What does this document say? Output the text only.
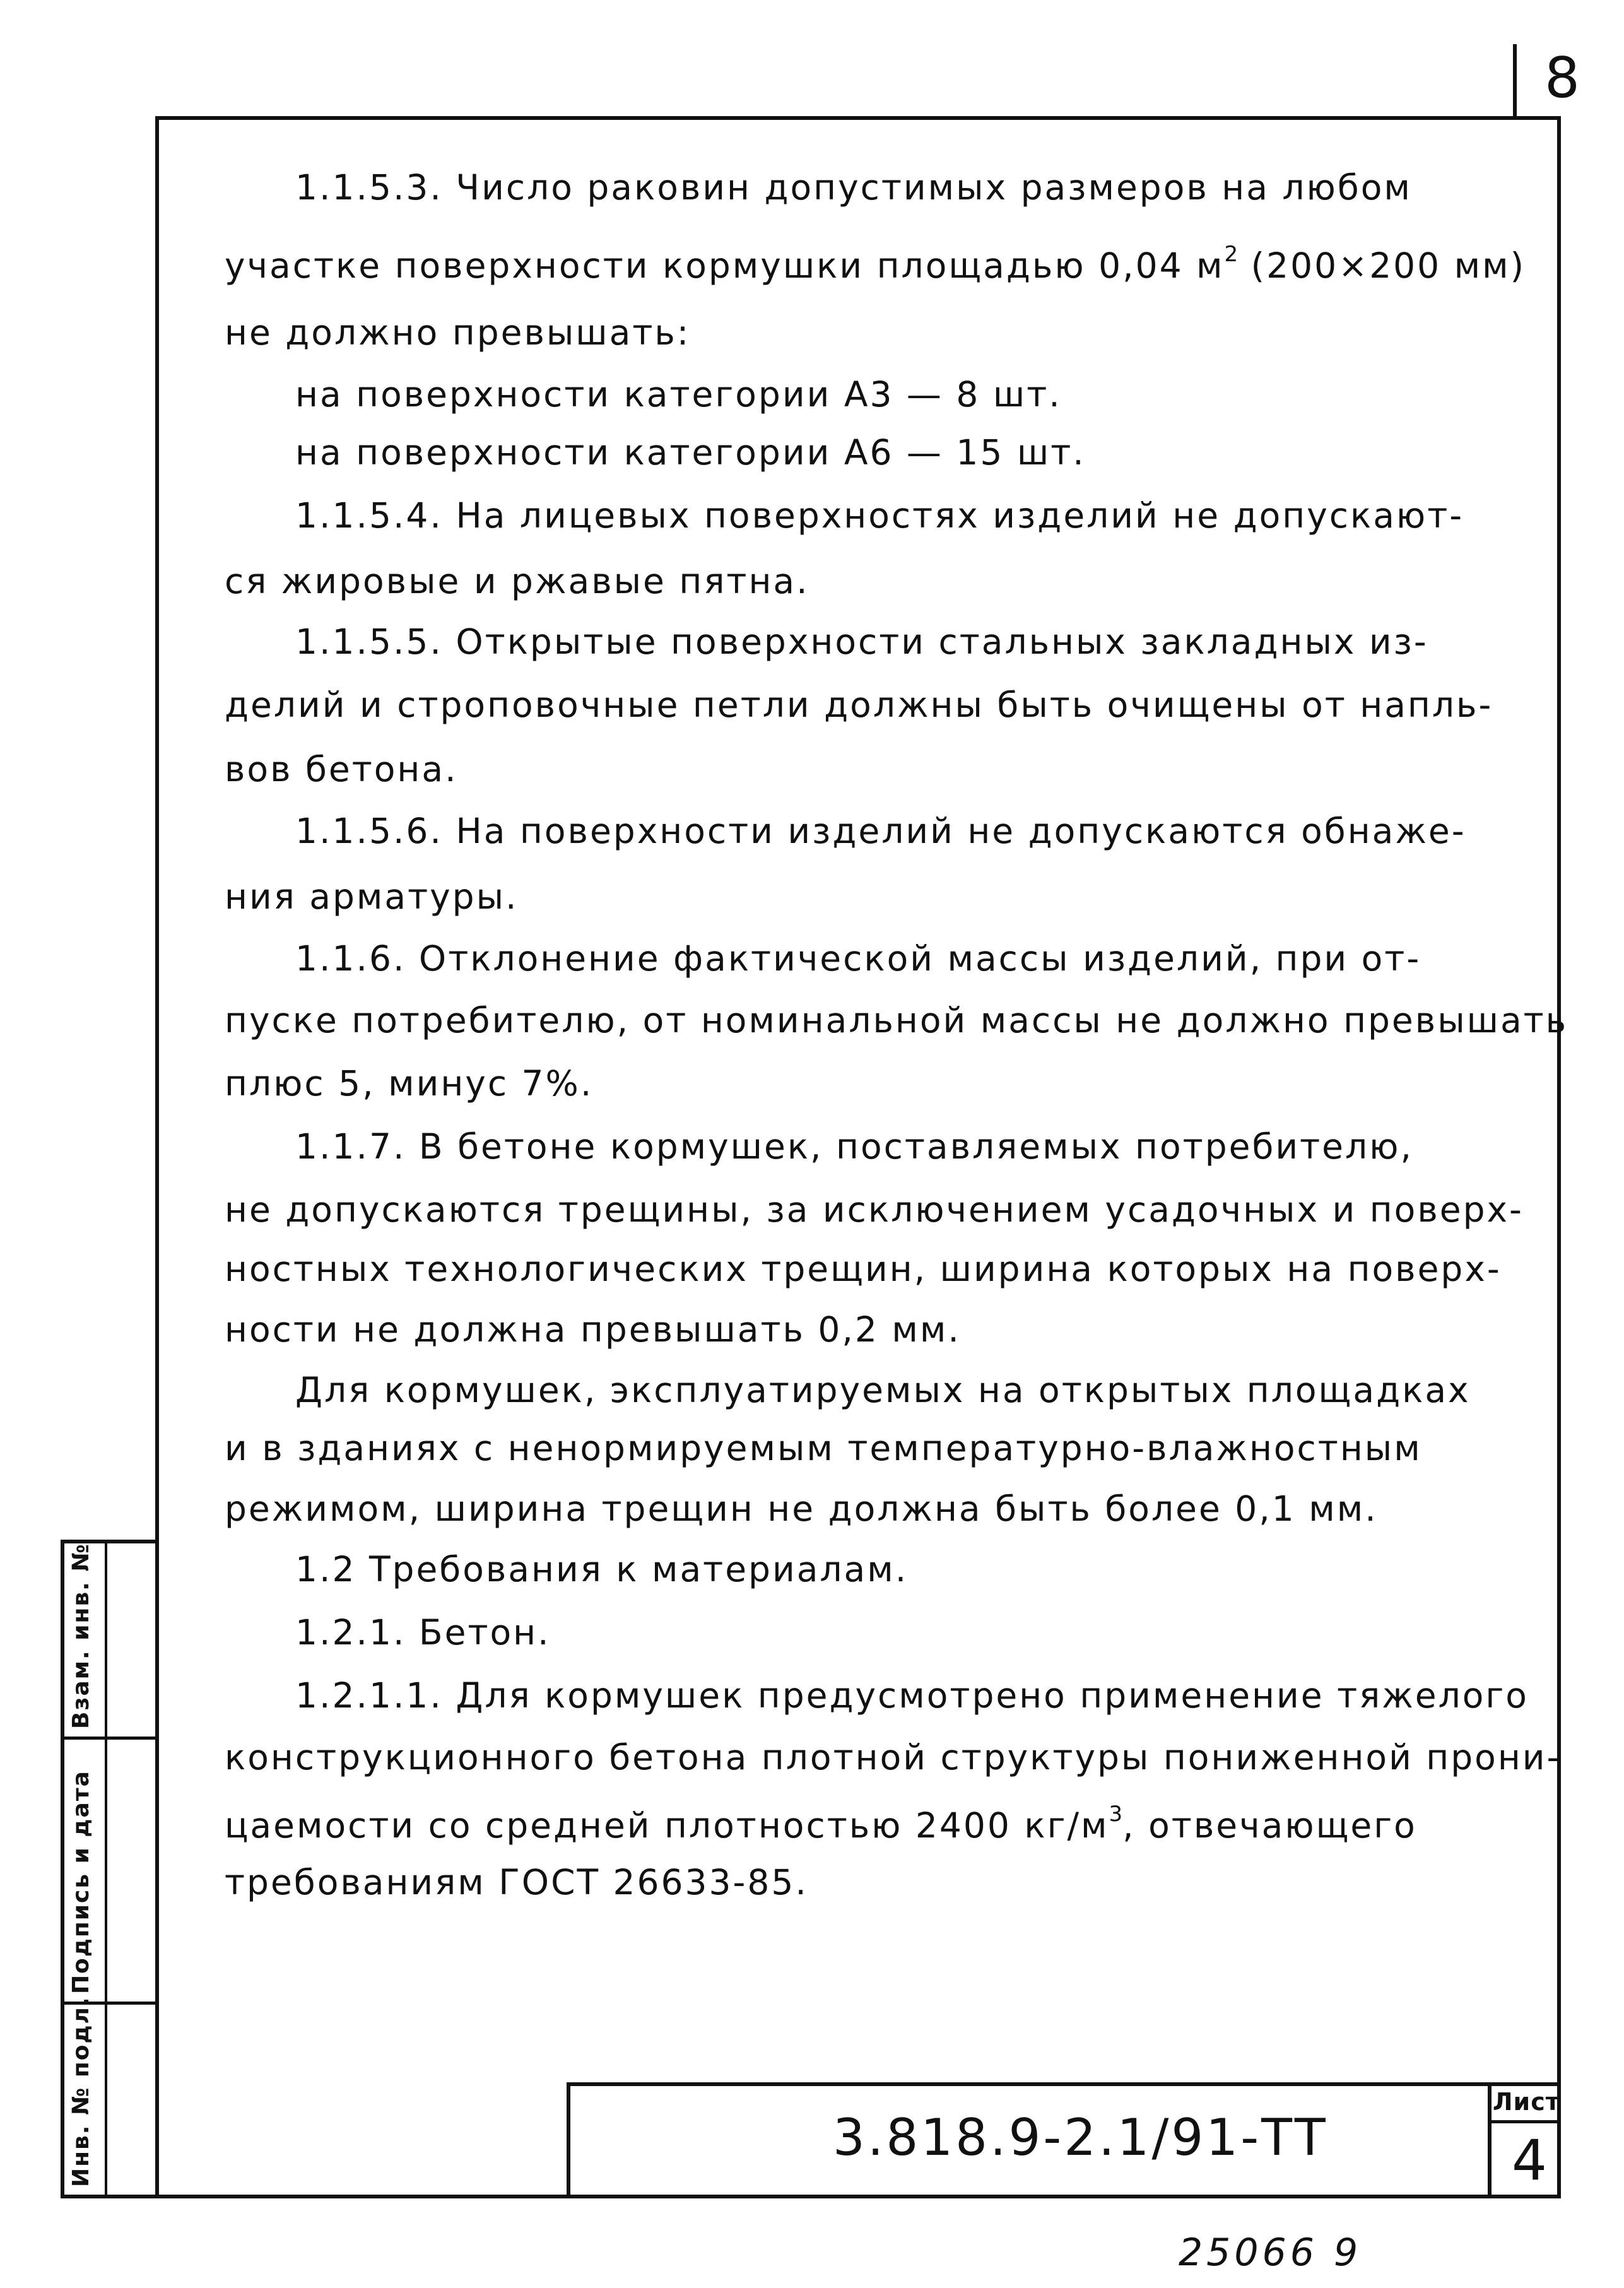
8
1.1.5.3. Число раковин допустимых размеров на любом
участке поверхности кормушки площадью 0,04 $м^2$ (200×200 мм)
не должно превышать:
на поверхности категории А3 — 8 шт.
на поверхности категории А6 — 15 шт.
1.1.5.4. На лицевых поверхностях изделий не допускают-
ся жировые и ржавые пятна.
1.1.5.5. Открытые поверхности стальных закладных из-
делий и строповочные петли должны быть очищены от напль-
вов бетона.
1.1.5.6. На поверхности изделий не допускаются обнаже-
ния арматуры.
1.1.6. Отклонение фактической массы изделий, при от-
пуске потребителю, от номинальной массы не должно превышать
плюс 5, минус 7%.
1.1.7. В бетоне кормушек, поставляемых потребителю,
не допускаются трещины, за исключением усадочных и поверх-
ностных технологических трещин, ширина которых на поверх-
ности не должна превышать 0,2 мм.
Для кормушек, эксплуатируемых на открытых площадках
и в зданиях с ненормируемым температурно-влажностным
режимом, ширина трещин не должна быть более 0,1 мм.
1.2 Требования к материалам.
1.2.1. Бетон.
1.2.1.1. Для кормушек предусмотрено применение тяжелого
конструкционного бетона плотной структуры пониженной прони-
цаемости со средней плотностью 2400 $кг/м^3$, отвечающего
требованиям ГОСТ 26633-85.
Взам. инв. №
Подпись и дата
Инв. № подл.	3.818.9-2.1/91-ТТ
Лист
4
25066 9
